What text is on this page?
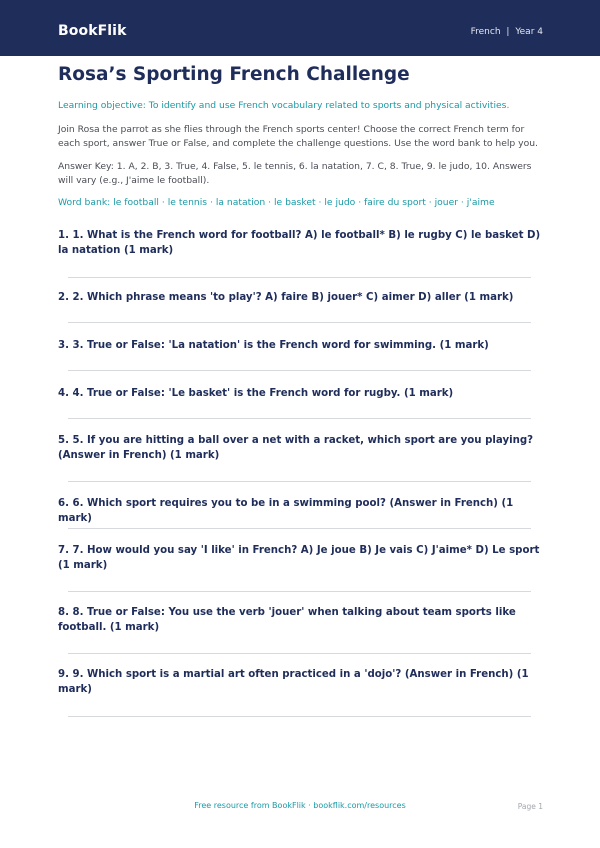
BookFlik	French | Year 4
Rosa’s Sporting French Challenge
Learning objective: To identify and use French vocabulary related to sports and physical activities.
Join Rosa the parrot as she flies through the French sports center! Choose the correct French term for each sport, answer True or False, and complete the challenge questions. Use the word bank to help you.
Answer Key: 1. A, 2. B, 3. True, 4. False, 5. le tennis, 6. la natation, 7. C, 8. True, 9. le judo, 10. Answers will vary (e.g., J'aime le football).
Word bank: le football · le tennis · la natation · le basket · le judo · faire du sport · jouer · j'aime
1. 1. What is the French word for football? A) le football* B) le rugby C) le basket D) la natation (1 mark)
2. 2. Which phrase means 'to play'? A) faire B) jouer* C) aimer D) aller (1 mark)
3. 3. True or False: 'La natation' is the French word for swimming. (1 mark)
4. 4. True or False: 'Le basket' is the French word for rugby. (1 mark)
5. 5. If you are hitting a ball over a net with a racket, which sport are you playing? (Answer in French) (1 mark)
6. 6. Which sport requires you to be in a swimming pool? (Answer in French) (1 mark)
7. 7. How would you say 'I like' in French? A) Je joue B) Je vais C) J'aime* D) Le sport (1 mark)
8. 8. True or False: You use the verb 'jouer' when talking about team sports like football. (1 mark)
9. 9. Which sport is a martial art often practiced in a 'dojo'? (Answer in French) (1 mark)
Free resource from BookFlik · bookflik.com/resources	Page 1
